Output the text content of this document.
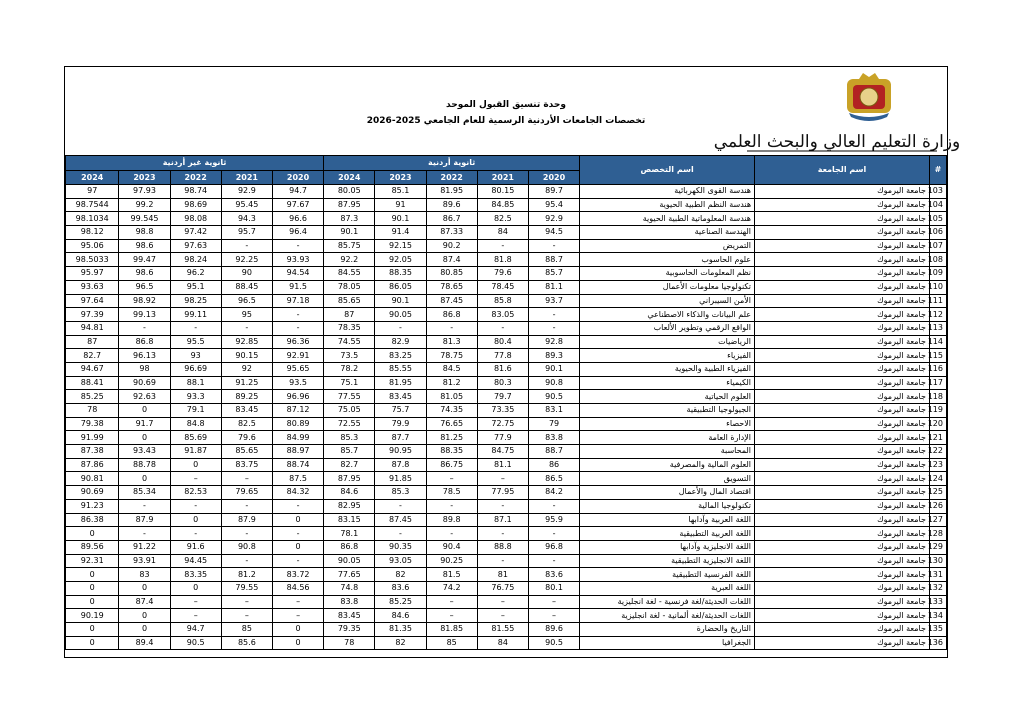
وحدة تنسيق القبول الموحد
تخصصات الجامعات الأردنية الرسمية للعام الجامعي 2025-2026
وزارة التعليم العالي والبحث العلمي
#	اسم الجامعة	اسم التخصص	ثانوية أردنية					ثانوية غير أردنية				
			2020	2021	2022	2023	2024	2020	2021	2022	2023	2024
103	جامعة اليرموك	هندسة القوى الكهربائية	89.7	80.15	81.95	85.1	80.05	94.7	92.9	98.74	97.93	97
104	جامعة اليرموك	هندسة النظم الطبية الحيوية	95.4	84.85	89.6	91	87.95	97.67	95.45	98.69	99.2	98.7544
105	جامعة اليرموك	هندسة المعلوماتية الطبية الحيوية	92.9	82.5	86.7	90.1	87.3	96.6	94.3	98.08	99.545	98.1034
106	جامعة اليرموك	الهندسة الصناعية	94.5	84	87.33	91.4	90.1	96.4	95.7	97.42	98.8	98.12
107	جامعة اليرموك	التمريض	-	-	90.2	92.15	85.75	-	-	97.63	98.6	95.06
108	جامعة اليرموك	علوم الحاسوب	88.7	81.8	87.4	92.05	92.2	93.93	92.25	98.24	99.47	98.5033
109	جامعة اليرموك	نظم المعلومات الحاسوبية	85.7	79.6	80.85	88.35	84.55	94.54	90	96.2	98.6	95.97
110	جامعة اليرموك	تكنولوجيا معلومات الأعمال	81.1	78.45	78.65	86.05	78.05	91.5	88.45	95.1	96.5	93.63
111	جامعة اليرموك	الأمن السيبراني	93.7	85.8	87.45	90.1	85.65	97.18	96.5	98.25	98.92	97.64
112	جامعة اليرموك	علم البيانات والذكاء الاصطناعي	-	83.05	86.8	90.05	87	-	95	99.11	99.13	97.39
113	جامعة اليرموك	الواقع الرقمي وتطوير الألعاب	-	-	-	-	78.35	-	-	-	-	94.81
114	جامعة اليرموك	الرياضيات	92.8	80.4	81.3	82.9	74.55	96.36	92.85	95.5	86.8	87
115	جامعة اليرموك	الفيزياء	89.3	77.8	78.75	83.25	73.5	92.91	90.15	93	96.13	82.7
116	جامعة اليرموك	الفيزياء الطبية والحيوية	90.1	81.6	84.5	85.55	78.2	95.65	92	96.69	98	94.67
117	جامعة اليرموك	الكيمياء	90.8	80.3	81.2	81.95	75.1	93.5	91.25	88.1	90.69	88.41
118	جامعة اليرموك	العلوم الحياتية	90.5	79.7	81.05	83.45	77.55	96.96	89.25	93.3	92.63	85.25
119	جامعة اليرموك	الجيولوجيا التطبيقية	83.1	73.35	74.35	75.7	75.05	87.12	83.45	79.1	0	78
120	جامعة اليرموك	الاحصاء	79	72.75	76.65	79.9	72.55	80.89	82.5	84.8	91.7	79.38
121	جامعة اليرموك	الإدارة العامة	83.8	77.9	81.25	87.7	85.3	84.99	79.6	85.69	0	91.99
122	جامعة اليرموك	المحاسبة	88.7	84.75	88.35	90.95	85.7	88.97	85.65	91.87	93.43	87.38
123	جامعة اليرموك	العلوم المالية والمصرفية	86	81.1	86.75	87.8	82.7	88.74	83.75	0	88.78	87.86
124	جامعة اليرموك	التسويق	86.5	–	–	91.85	87.95	87.5	–	–	0	90.81
125	جامعة اليرموك	اقتصاد المال والأعمال	84.2	77.95	78.5	85.3	84.6	84.32	79.65	82.53	85.34	90.69
126	جامعة اليرموك	تكنولوجيا المالية	-	-	-	-	82.95	-	-	-	-	91.23
127	جامعة اليرموك	اللغة العربية وآدابها	95.9	87.1	89.8	87.45	83.15	0	87.9	0	87.9	86.38
128	جامعة اليرموك	اللغة العربية التطبيقية	-	-	-	-	78.1	-	-	-	-	0
129	جامعة اليرموك	اللغة الانجليزية وآدابها	96.8	88.8	90.4	90.35	86.8	0	90.8	91.6	91.22	89.56
130	جامعة اليرموك	اللغة الانجليزية التطبيقية	-	-	90.25	93.05	90.05	-	-	94.45	93.91	92.31
131	جامعة اليرموك	اللغة الفرنسية التطبيقية	83.6	81	81.5	82	77.65	83.72	81.2	83.35	83	0
132	جامعة اليرموك	اللغة العبرية	80.1	76.75	74.2	83.6	74.8	84.56	79.55	0	0	0
133	جامعة اليرموك	اللغات الحديثة/لغة فرنسية - لغة انجليزية	–	–	–	85.25	83.8	–	–	–	87.4	0
134	جامعة اليرموك	اللغات الحديثة/لغة ألمانية - لغة انجليزية	–	–	–	84.6	83.45	–	–	–	0	90.19
135	جامعة اليرموك	التاريخ والحضارة	89.6	81.55	81.85	81.35	79.35	0	85	94.7	0	0
136	جامعة اليرموك	الجغرافيا	90.5	84	85	82	78	0	85.6	90.5	89.4	0
